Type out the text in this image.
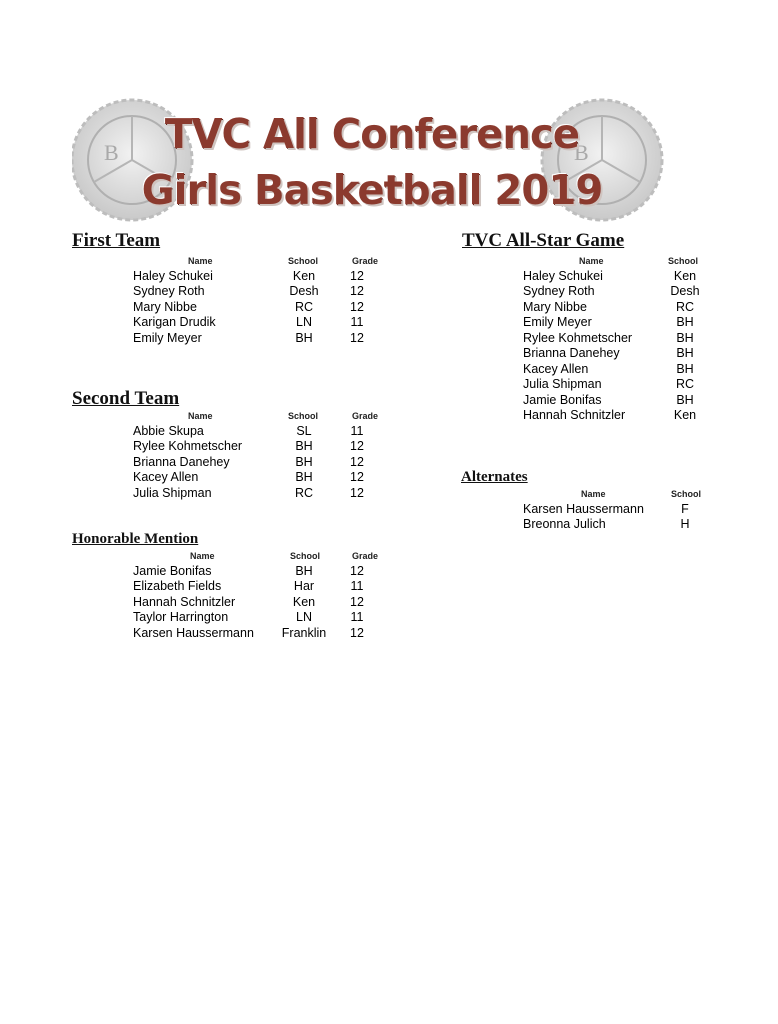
B	B
TVC All Conference
Girls Basketball 2019
First Team
Name	School	Grade
Haley Schukei	Ken		12
Sydney Roth	Desh		12
Mary Nibbe	RC		12
Karigan Drudik	LN		11
Emily Meyer	BH		12
Second Team
Name	School	Grade
Abbie Skupa	SL		11
Rylee Kohmetscher	BH		12
Brianna Danehey	BH		12
Kacey Allen	BH		12
Julia Shipman	RC		12
Honorable Mention
Name	School	Grade
Jamie Bonifas	BH		12
Elizabeth Fields	Har		11
Hannah Schnitzler	Ken		12
Taylor Harrington	LN		11
Karsen Haussermann	Franklin		12
TVC All-Star Game
Name	School
Haley Schukei	Ken
Sydney Roth	Desh
Mary Nibbe	RC
Emily Meyer	BH
Rylee Kohmetscher	BH
Brianna Danehey	BH
Kacey Allen	BH
Julia Shipman	RC
Jamie Bonifas	BH
Hannah Schnitzler	Ken
Alternates
Name	School
Karsen Haussermann	F
Breonna Julich	H
